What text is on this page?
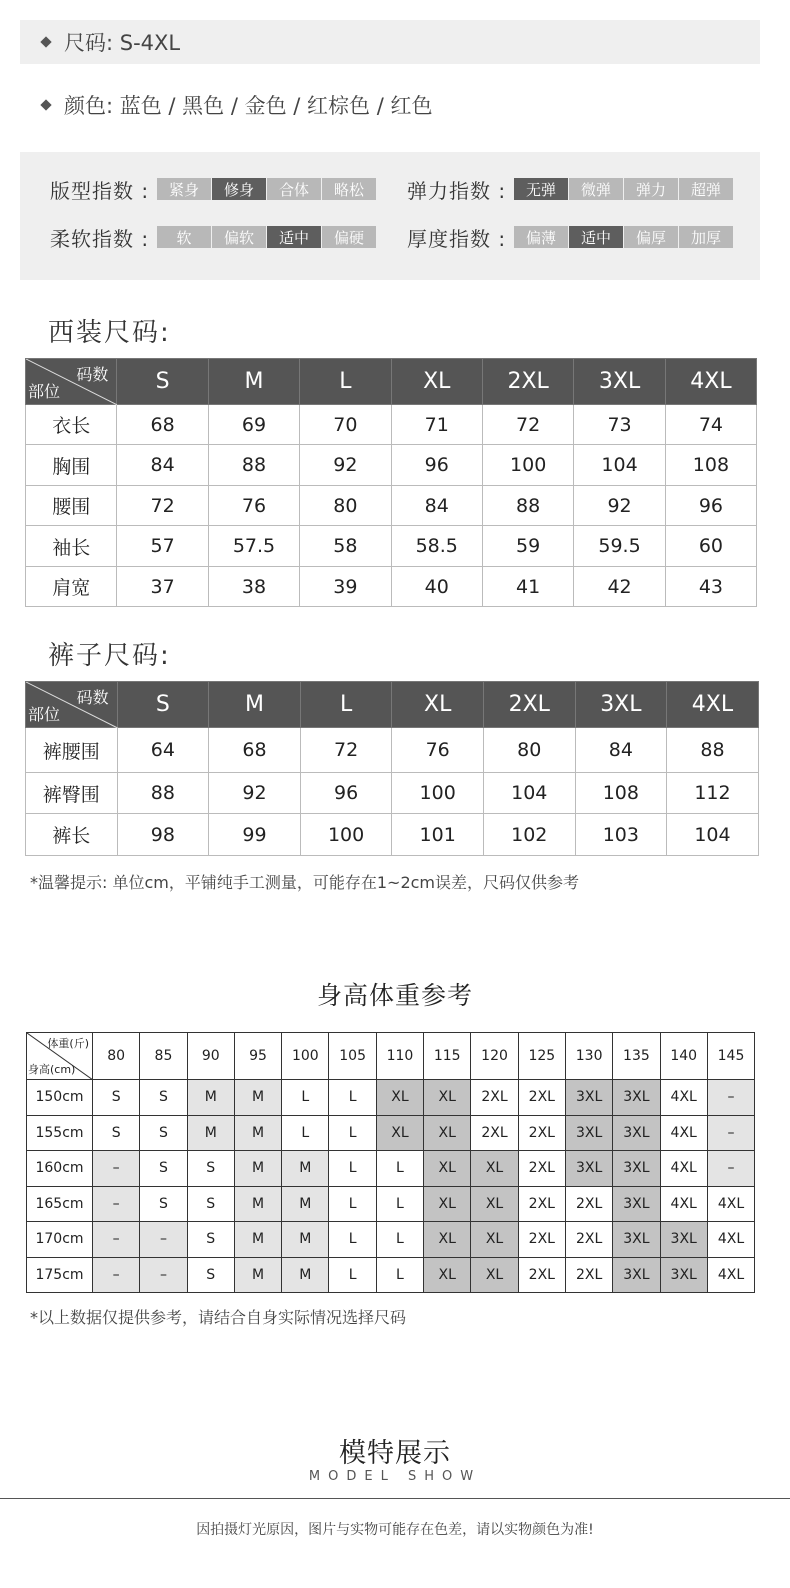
尺码: S-4XL
颜色: 蓝色 / 黑色 / 金色 / 红棕色 / 红色
版型指数 :	紧身	修身	合体	略松	弹力指数 :	无弹	微弹	弹力	超弹
柔软指数 :	软	偏软	适中	偏硬	厚度指数 :	偏薄	适中	偏厚	加厚
西装尺码:
码数
部位	S	M	L	XL	2XL	3XL	4XL
衣长	68	69	70	71	72	73	74
胸围	84	88	92	96	100	104	108
腰围	72	76	80	84	88	92	96
袖长	57	57.5	58	58.5	59	59.5	60
肩宽	37	38	39	40	41	42	43
裤子尺码:
码数
部位	S	M	L	XL	2XL	3XL	4XL
裤腰围	64	68	72	76	80	84	88
裤臀围	88	92	96	100	104	108	112
裤长	98	99	100	101	102	103	104
*温馨提示: 单位cm，平铺纯手工测量，可能存在1~2cm误差，尺码仅供参考
身高体重参考
体重(斤)
身高(cm)	80	85	90	95	100	105	110	115	120	125	130	135	140	145
150cm	S	S	M	M	L	L	XL	XL	2XL	2XL	3XL	3XL	4XL	–
155cm	S	S	M	M	L	L	XL	XL	2XL	2XL	3XL	3XL	4XL	–
160cm	–	S	S	M	M	L	L	XL	XL	2XL	3XL	3XL	4XL	–
165cm	–	S	S	M	M	L	L	XL	XL	2XL	2XL	3XL	4XL	4XL
170cm	–	–	S	M	M	L	L	XL	XL	2XL	2XL	3XL	3XL	4XL
175cm	–	–	S	M	M	L	L	XL	XL	2XL	2XL	3XL	3XL	4XL
*以上数据仅提供参考，请结合自身实际情况选择尺码
模特展示
MODEL SHOW
因拍摄灯光原因，图片与实物可能存在色差，请以实物颜色为准!
